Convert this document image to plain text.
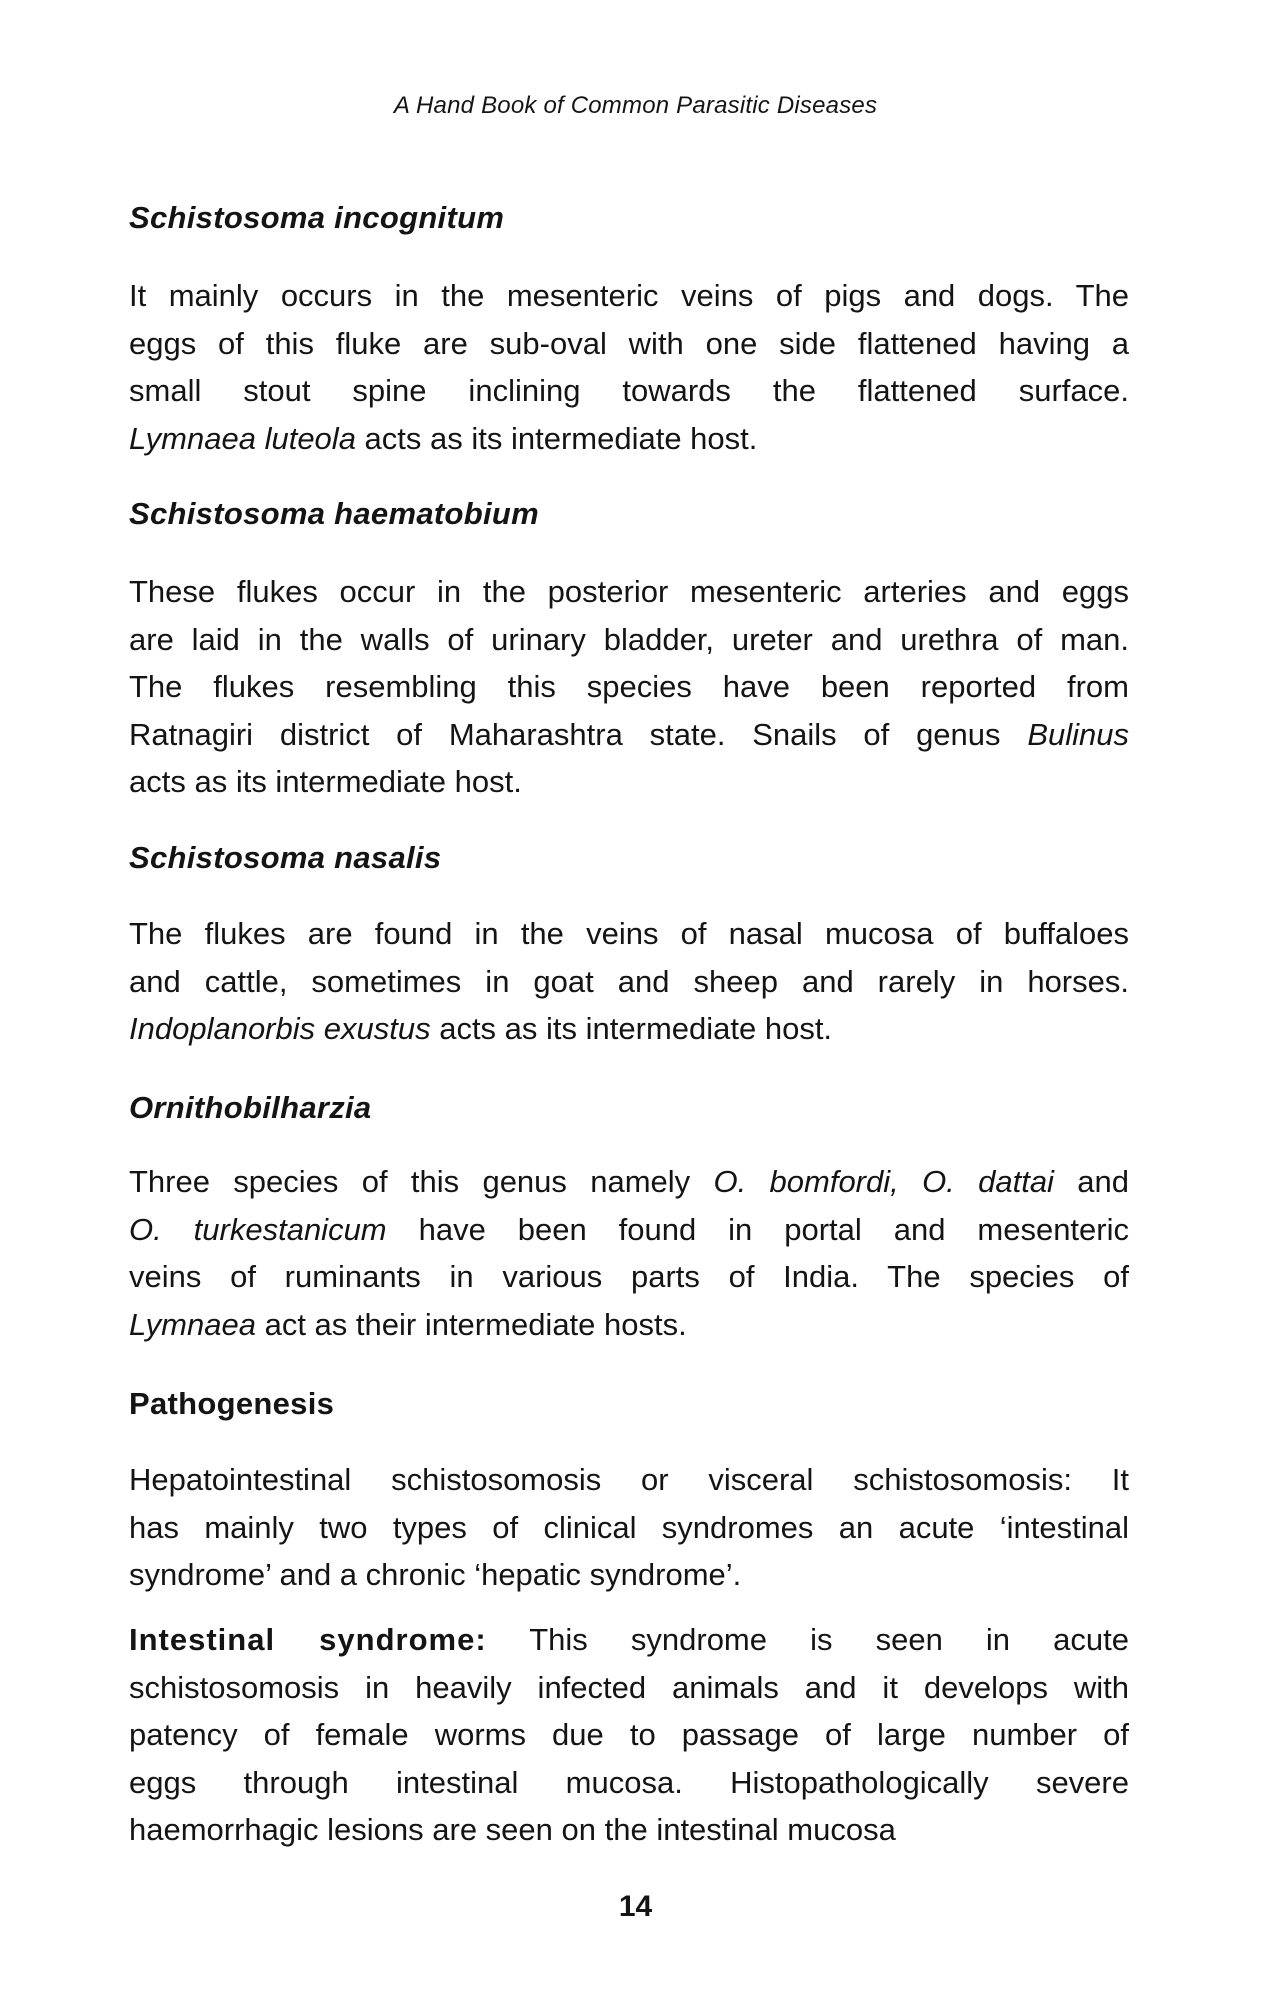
A Hand Book of Common Parasitic Diseases
Schistosoma incognitum
It mainly occurs in the mesenteric veins of pigs and dogs. The
eggs of this fluke are sub-oval with one side flattened having a
small stout spine inclining towards the flattened surface.
Lymnaea luteola acts as its intermediate host.
Schistosoma haematobium
These flukes occur in the posterior mesenteric arteries and eggs
are laid in the walls of urinary bladder, ureter and urethra of man.
The flukes resembling this species have been reported from
Ratnagiri district of Maharashtra state. Snails of genus Bulinus
acts as its intermediate host.
Schistosoma nasalis
The flukes are found in the veins of nasal mucosa of buffaloes
and cattle, sometimes in goat and sheep and rarely in horses.
Indoplanorbis exustus acts as its intermediate host.
Ornithobilharzia
Three species of this genus namely O. bomfordi, O. dattai and
O. turkestanicum have been found in portal and mesenteric
veins of ruminants in various parts of India. The species of
Lymnaea act as their intermediate hosts.
Pathogenesis
Hepatointestinal schistosomosis or visceral schistosomosis: It
has mainly two types of clinical syndromes an acute ‘intestinal
syndrome’ and a chronic ‘hepatic syndrome’.
Intestinal syndrome: This syndrome is seen in acute
schistosomosis in heavily infected animals and it develops with
patency of female worms due to passage of large number of
eggs through intestinal mucosa. Histopathologically severe
haemorrhagic lesions are seen on the intestinal mucosa
14
